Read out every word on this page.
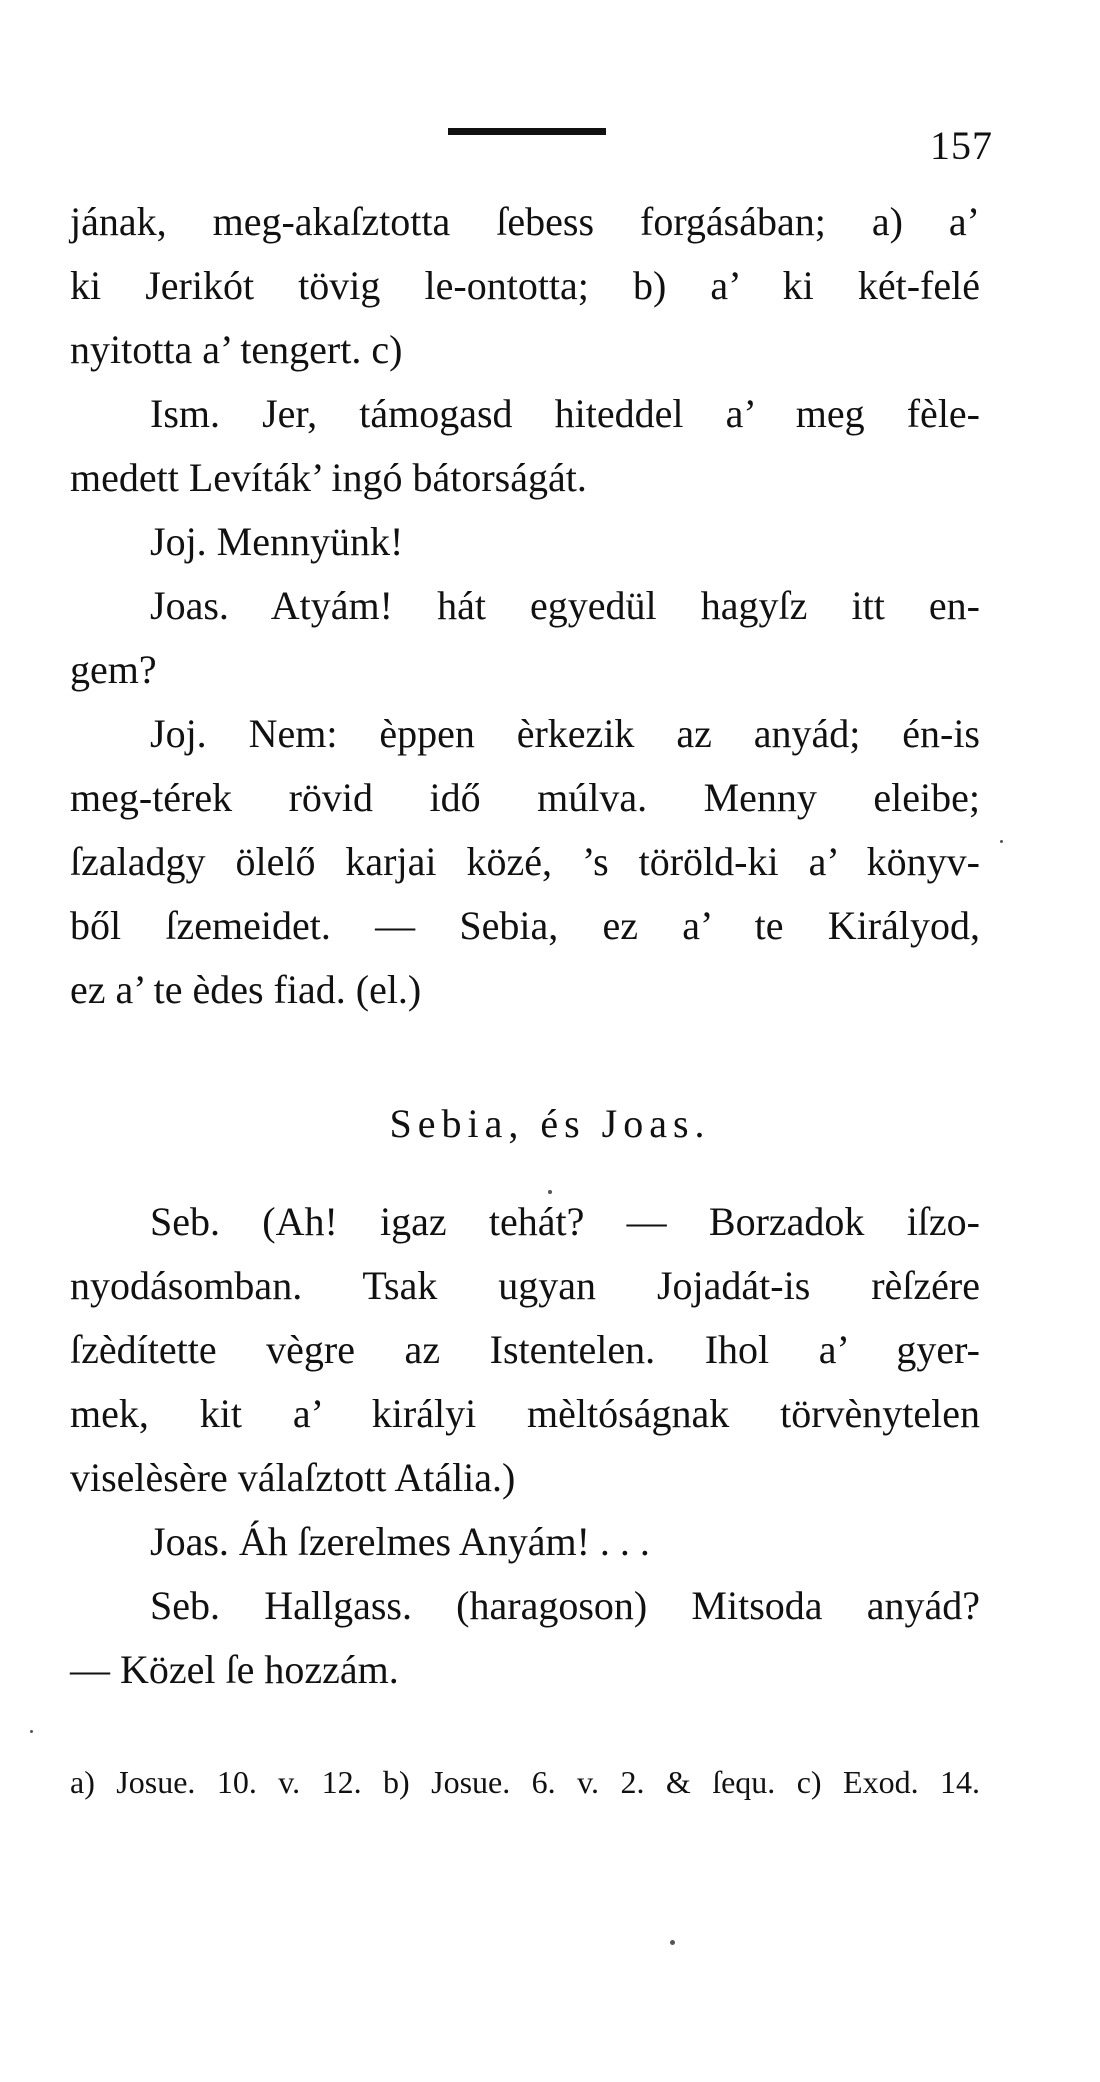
157
jának, meg-akaſztotta ſebess forgásában; a) a’
ki Jerikót tövig le-ontotta; b) a’ ki két-felé
nyitotta a’ tengert. c)
Ism. Jer, támogasd hiteddel a’ meg fèle-
medett Levíták’ ingó bátorságát.
Joj. Mennyünk!
Joas. Atyám! hát egyedül hagyſz itt en-
gem?
Joj. Nem: èppen èrkezik az anyád; én-is
meg-térek rövid idő múlva. Menny eleibe;
ſzaladgy ölelő karjai közé, ’s töröld-ki a’ könyv-
ből ſzemeidet. — Sebia, ez a’ te Királyod,
ez a’ te èdes fiad. (el.)
Sebia, és Joas.
Seb. (Ah! igaz tehát? — Borzadok iſzo-
nyodásomban. Tsak ugyan Jojadát-is rèſzére
ſzèdítette vègre az Istentelen. Ihol a’ gyer-
mek, kit a’ királyi mèltóságnak törvènytelen
viselèsère válaſztott Atália.)
Joas. Áh ſzerelmes Anyám! . . .
Seb. Hallgass. (haragoson) Mitsoda anyád?
— Közel ſe hozzám.
a) Josue. 10. v. 12. b) Josue. 6. v. 2. & ſequ. c) Exod. 14.
